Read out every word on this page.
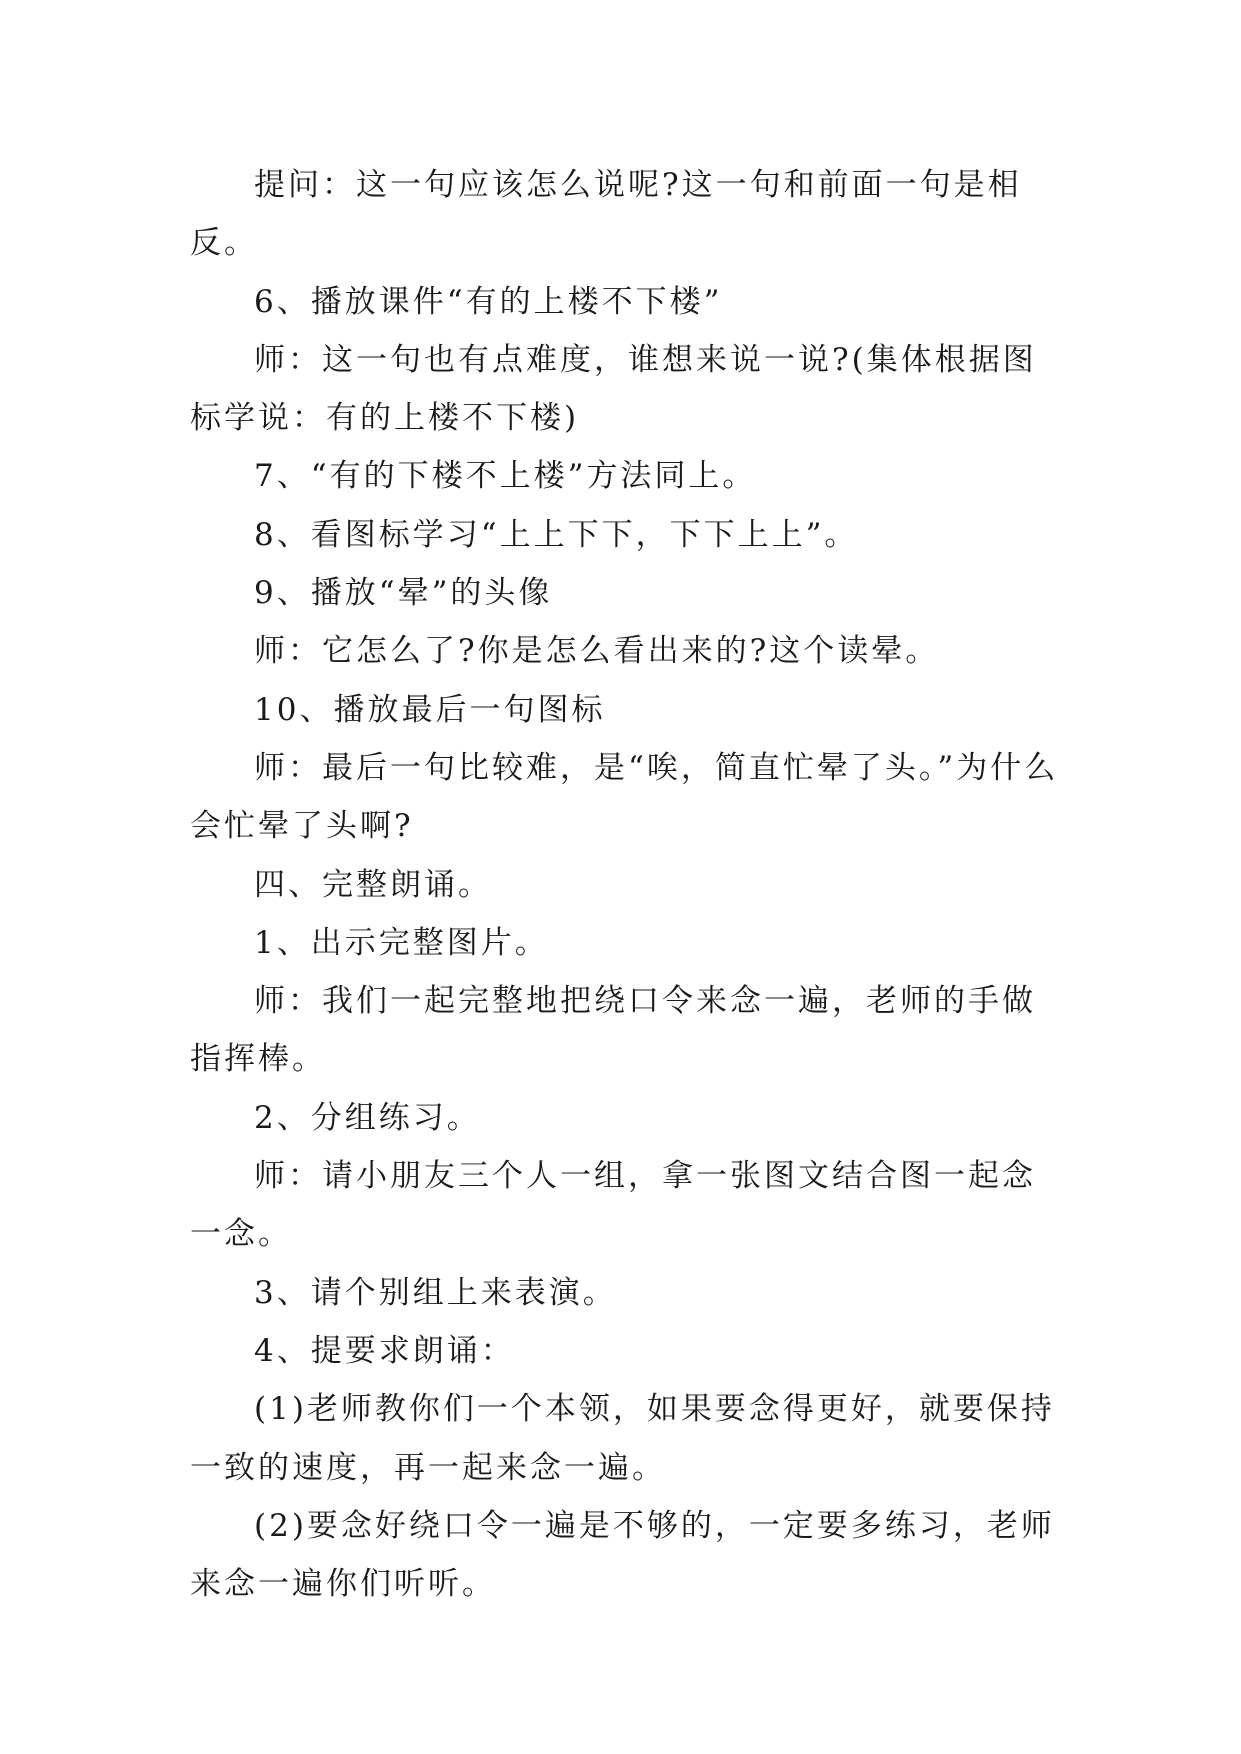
提问：这一句应该怎么说呢?这一句和前面一句是相反。

6、播放课件“有的上楼不下楼”

师：这一句也有点难度，谁想来说一说?(集体根据图标学说：有的上楼不下楼)

7、“有的下楼不上楼”方法同上。

8、看图标学习“上上下下，下下上上”。

9、播放“晕”的头像

师：它怎么了?你是怎么看出来的?这个读晕。

10、播放最后一句图标

师：最后一句比较难，是“唉，简直忙晕了头。”为什么会忙晕了头啊?

四、完整朗诵。

1、出示完整图片。

师：我们一起完整地把绕口令来念一遍，老师的手做指挥棒。

2、分组练习。

师：请小朋友三个人一组，拿一张图文结合图一起念一念。

3、请个别组上来表演。

4、提要求朗诵：

(1)老师教你们一个本领，如果要念得更好，就要保持一致的速度，再一起来念一遍。

(2)要念好绕口令一遍是不够的，一定要多练习，老师来念一遍你们听听。
